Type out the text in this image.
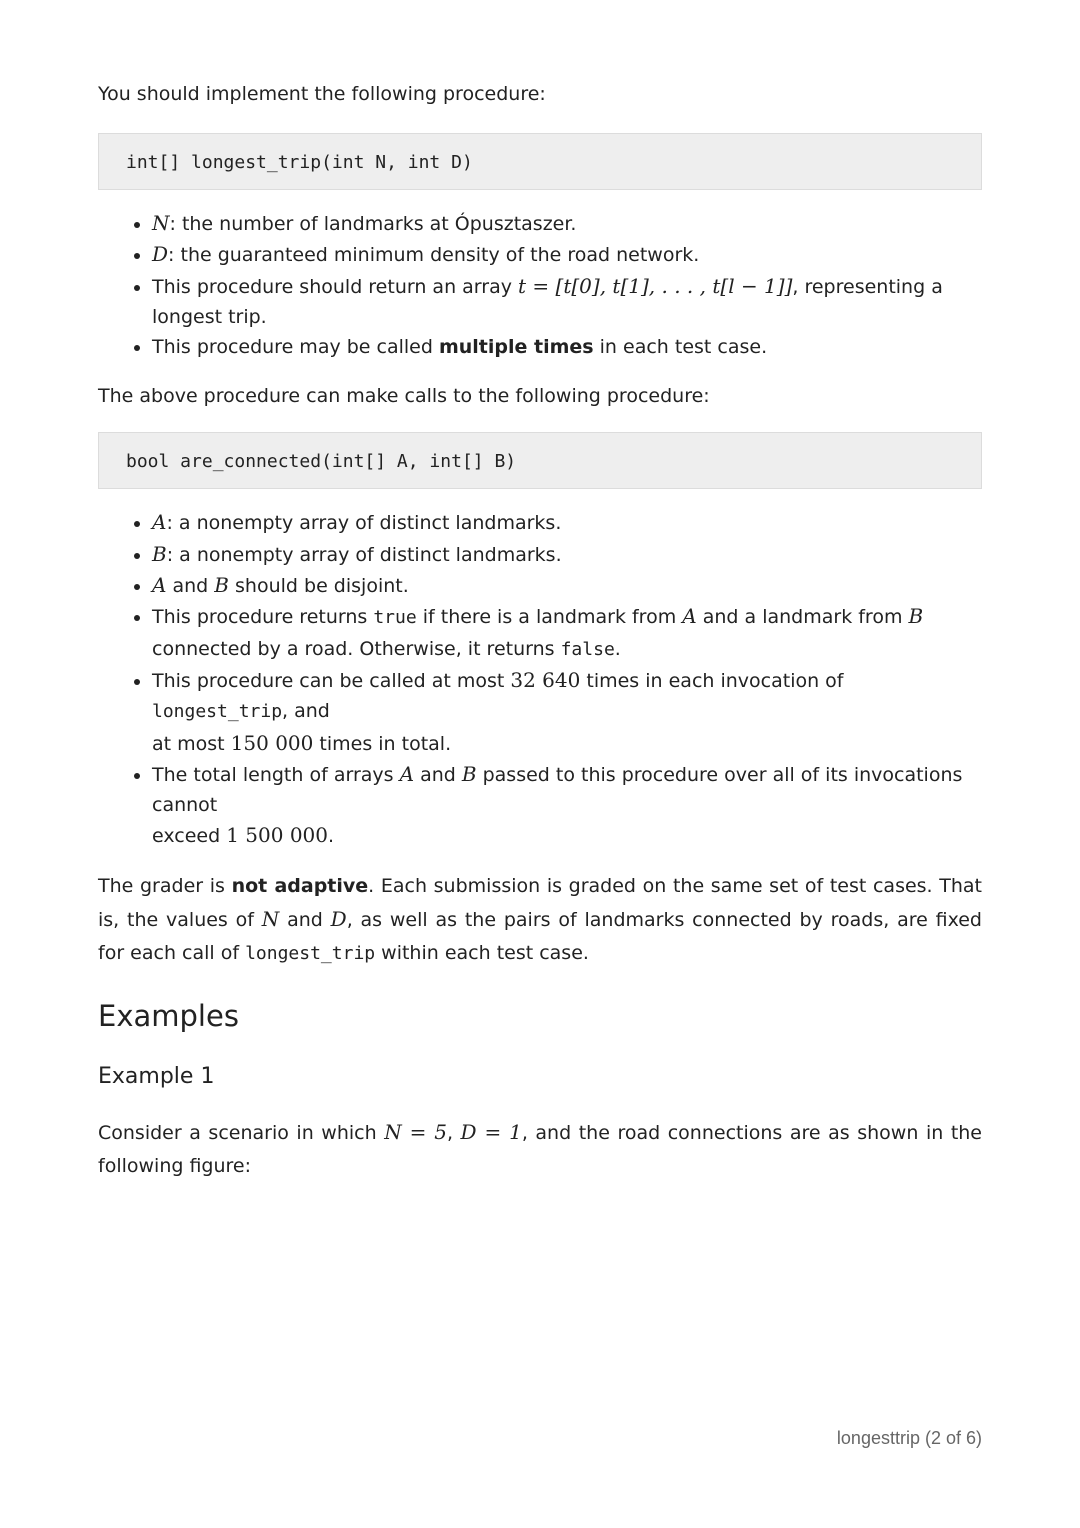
You should implement the following procedure:

int[] longest_trip(int N, int D)
• N: the number of landmarks at Ópusztaszer.
• D: the guaranteed minimum density of the road network.
• This procedure should return an array t = [t[0], t[1], . . . , t[l − 1]], representing a longest trip.
• This procedure may be called multiple times in each test case.

The above procedure can make calls to the following procedure:

bool are_connected(int[] A, int[] B)
• A: a nonempty array of distinct landmarks.
• B: a nonempty array of distinct landmarks.
• A and B should be disjoint.
• This procedure returns true if there is a landmark from A and a landmark from B
connected by a road. Otherwise, it returns false.
• This procedure can be called at most 32 640 times in each invocation of longest_trip, and
at most 150 000 times in total.
• The total length of arrays A and B passed to this procedure over all of its invocations cannot
exceed 1 500 000.

The grader is not adaptive. Each submission is graded on the same set of test cases. That is, the values of N and D, as well as the pairs of landmarks connected by roads, are fixed for each call of longest_trip within each test case.

Examples
Example 1

Consider a scenario in which N = 5, D = 1, and the road connections are as shown in the following figure:

longesttrip (2 of 6)
